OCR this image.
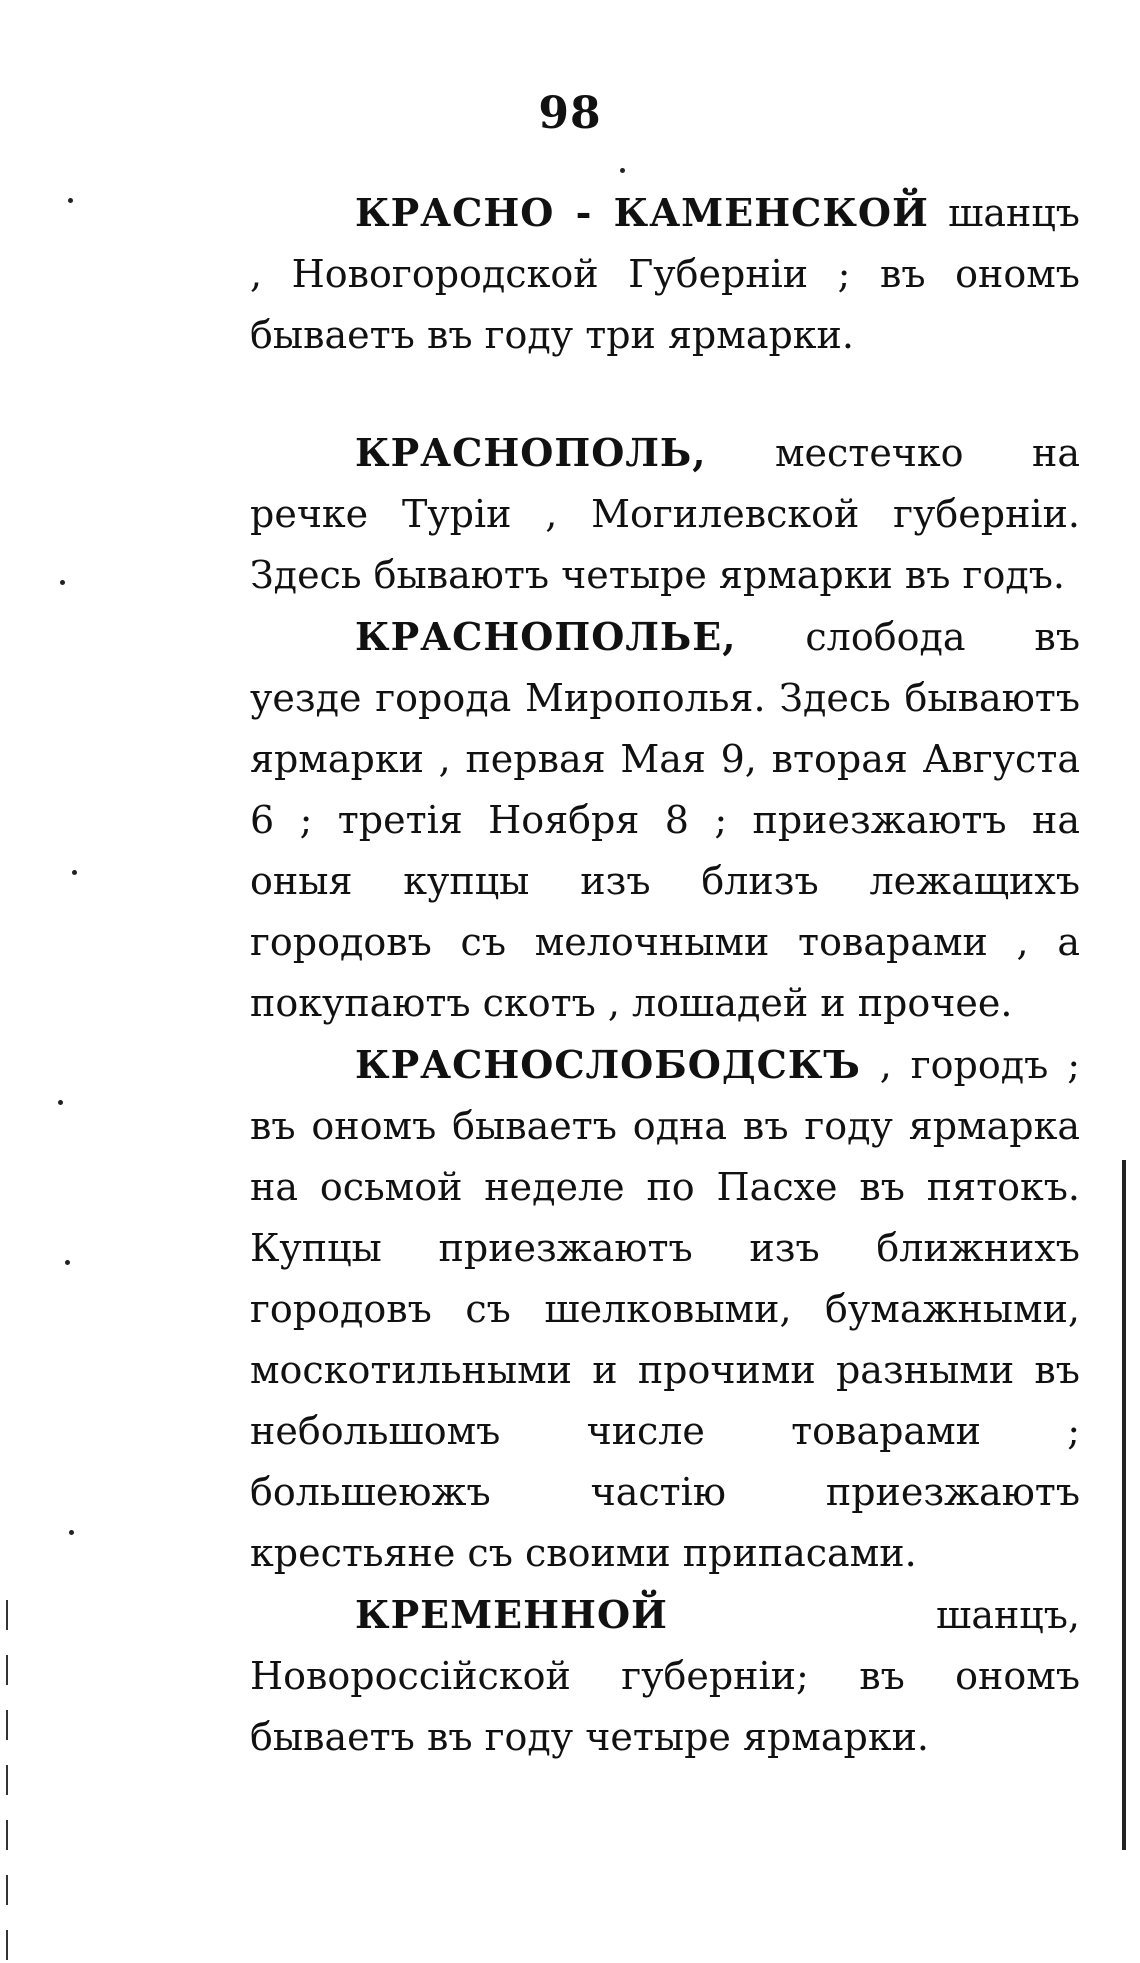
98

КРАСНО - КАМЕНСКОЙ шанцъ , Новогородской Губерніи ; въ ономъ бываетъ въ году три ярмарки.

КРАСНОПОЛЬ, местечко на речке Туріи , Могилевской губерніи. Здесь бываютъ четыре ярмарки въ годъ.

КРАСНОПОЛЬЕ, слобода въ уезде города Мирополья. Здесь бываютъ ярмарки , первая Мая 9, вторая Августа 6 ; третія Ноября 8 ; приезжаютъ на оныя купцы изъ близъ лежащихъ городовъ съ мелочными товарами , а покупаютъ скотъ , лошадей и прочее.

КРАСНОСЛОБОДСКЪ , городъ ; въ ономъ бываетъ одна въ году ярмарка на осьмой неделе по Пасхе въ пятокъ. Купцы приезжаютъ изъ ближнихъ городовъ съ шелковыми, бумажными, москотильными и прочими разными въ небольшомъ числе товарами ; большеюжъ частію приезжаютъ крестьяне съ своими припасами.

КРЕМЕННОЙ шанцъ, Новороссійской губерніи; въ ономъ бываетъ въ году четыре ярмарки.
